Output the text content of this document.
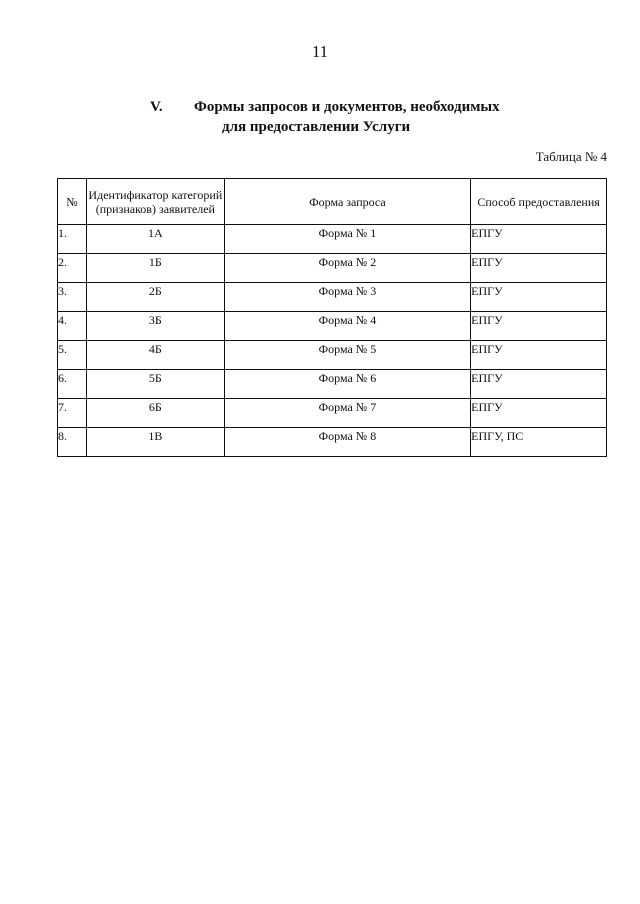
11
V. Формы запросов и документов, необходимых
для предоставлении Услуги
Таблица № 4
№	Идентификатор категорий (признаков) заявителей	Форма запроса	Способ предоставления
1.	1А	Форма № 1	ЕПГУ
2.	1Б	Форма № 2	ЕПГУ
3.	2Б	Форма № 3	ЕПГУ
4.	3Б	Форма № 4	ЕПГУ
5.	4Б	Форма № 5	ЕПГУ
6.	5Б	Форма № 6	ЕПГУ
7.	6Б	Форма № 7	ЕПГУ
8.	1В	Форма № 8	ЕПГУ, ПС
